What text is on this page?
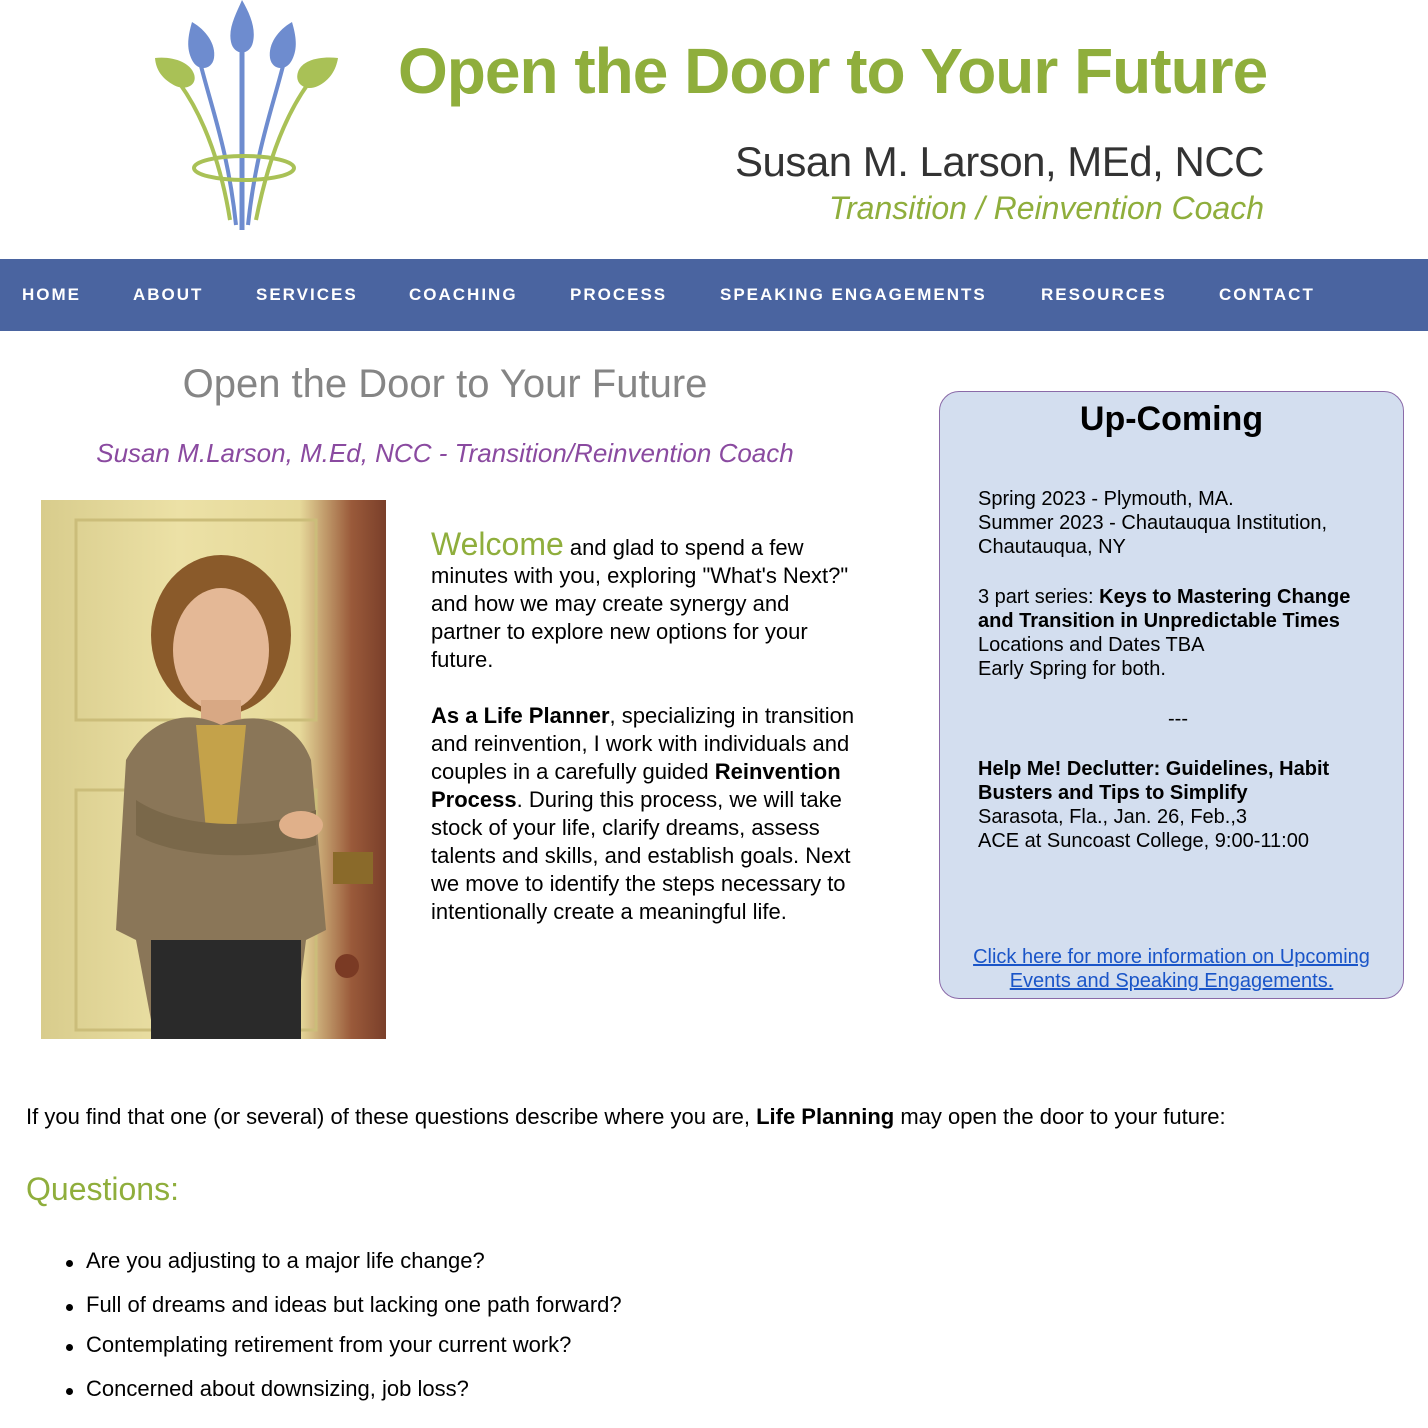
Open the Door to Your Future
Susan M. Larson, MEd, NCC
Transition / Reinvention Coach
HOME	ABOUT	SERVICES	COACHING	PROCESS	SPEAKING ENGAGEMENTS	RESOURCES	CONTACT
Open the Door to Your Future
Susan M.Larson, M.Ed, NCC - Transition/Reinvention Coach

Welcome and glad to spend a few minutes with you, exploring "What's Next?" and how we may create synergy and partner to explore new options for your future.

As a Life Planner, specializing in transition and reinvention, I work with individuals and couples in a carefully guided Reinvention Process. During this process, we will take stock of your life, clarify dreams, assess talents and skills, and establish goals. Next we move to identify the steps necessary to intentionally create a meaningful life.

Up-Coming
Spring 2023 - Plymouth, MA.
Summer 2023 - Chautauqua Institution, Chautauqua, NY
3 part series: Keys to Mastering Change and Transition in Unpredictable Times
Locations and Dates TBA
Early Spring for both.
---
Help Me! Declutter: Guidelines, Habit Busters and Tips to Simplify
Sarasota, Fla., Jan. 26, Feb.,3
ACE at Suncoast College, 9:00-11:00
Click here for more information on Upcoming Events and Speaking Engagements.
If you find that one (or several) of these questions describe where you are, Life Planning may open the door to your future:
Questions:
Are you adjusting to a major life change?
Full of dreams and ideas but lacking one path forward?
Contemplating retirement from your current work?
Concerned about downsizing, job loss?
